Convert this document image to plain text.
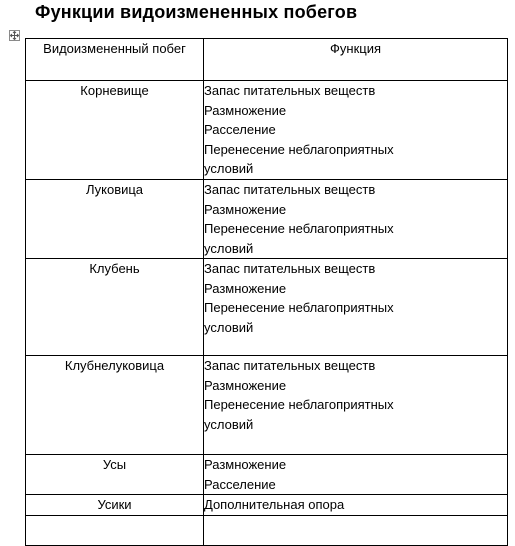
Функции видоизмененных побегов
Видоизмененный побег	Функция
Корневище	Запас питательных веществ
Размножение
Расселение
Перенесение неблагоприятных
условий

Луковица	Запас питательных веществ
Размножение
Перенесение неблагоприятных
условий

Клубень	Запас питательных веществ
Размножение
Перенесение неблагоприятных
условий

Клубнелуковица	Запас питательных веществ
Размножение
Перенесение неблагоприятных
условий

Усы	Размножение
Расселение

Усики	Дополнительная опора
